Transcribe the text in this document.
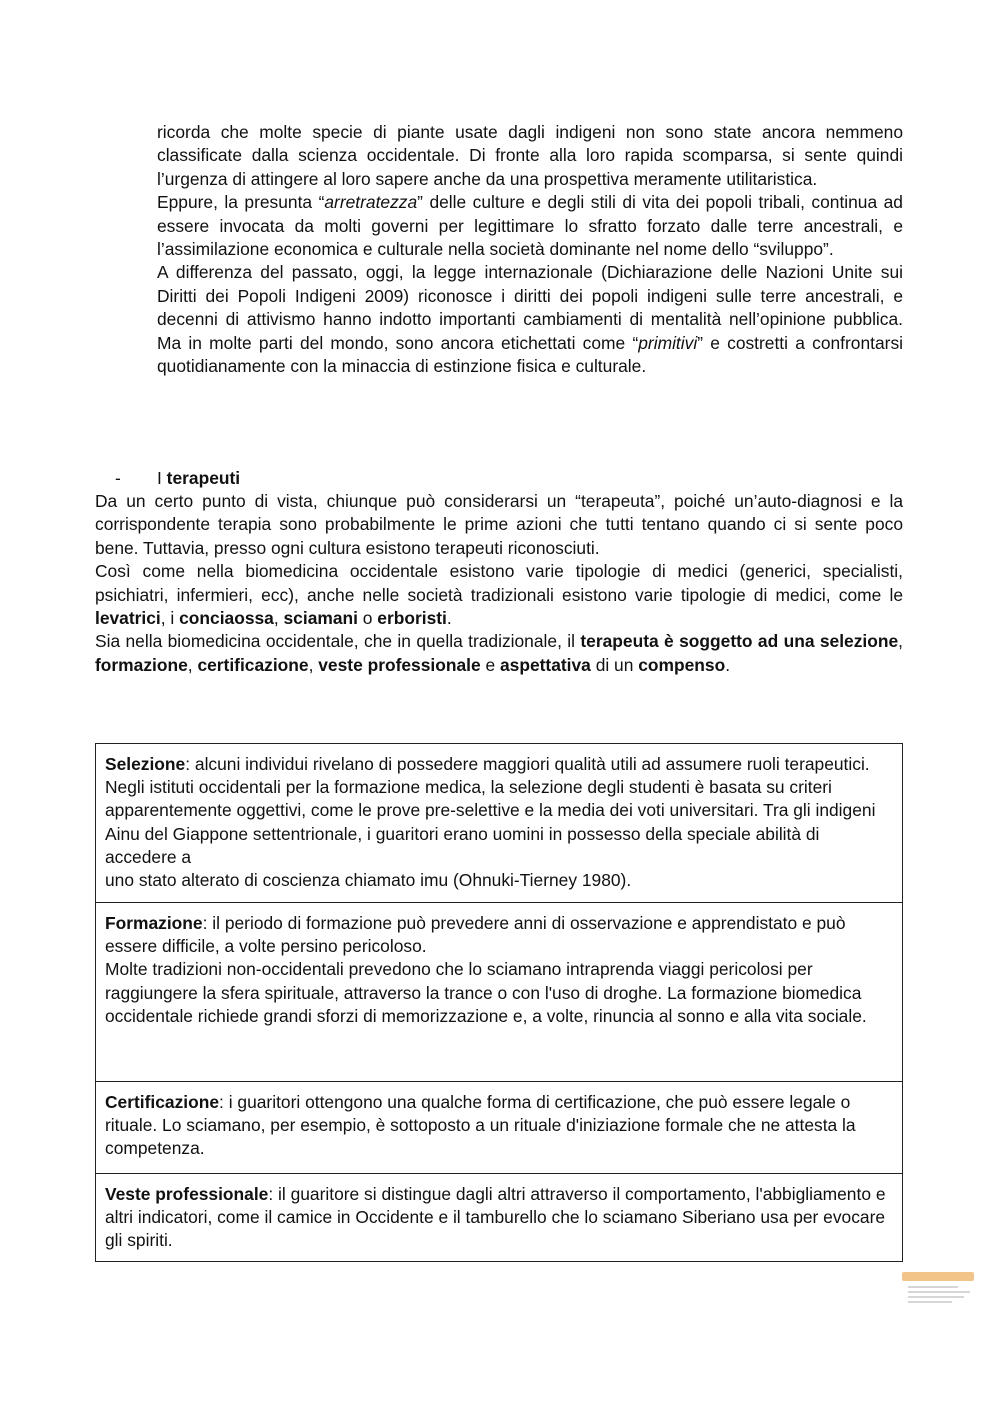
ricorda che molte specie di piante usate dagli indigeni non sono state ancora nemmeno classificate dalla scienza occidentale. Di fronte alla loro rapida scomparsa, si sente quindi l’urgenza di attingere al loro sapere anche da una prospettiva meramente utilitaristica.

Eppure, la presunta “arretratezza” delle culture e degli stili di vita dei popoli tribali, continua ad essere invocata da molti governi per legittimare lo sfratto forzato dalle terre ancestrali, e l’assimilazione economica e culturale nella società dominante nel nome dello “sviluppo”.

A differenza del passato, oggi, la legge internazionale (Dichiarazione delle Nazioni Unite sui Diritti dei Popoli Indigeni 2009) riconosce i diritti dei popoli indigeni sulle terre ancestrali, e decenni di attivismo hanno indotto importanti cambiamenti di mentalità nell’opinione pubblica. Ma in molte parti del mondo, sono ancora etichettati come “primitivi” e costretti a confrontarsi quotidianamente con la minaccia di estinzione fisica e culturale.

- I terapeuti

Da un certo punto di vista, chiunque può considerarsi un “terapeuta”, poiché un’auto-diagnosi e la corrispondente terapia sono probabilmente le prime azioni che tutti tentano quando ci si sente poco bene. Tuttavia, presso ogni cultura esistono terapeuti riconosciuti.

Così come nella biomedicina occidentale esistono varie tipologie di medici (generici, specialisti, psichiatri, infermieri, ecc), anche nelle società tradizionali esistono varie tipologie di medici, come le levatrici, i conciaossa, sciamani o erboristi.

Sia nella biomedicina occidentale, che in quella tradizionale, il terapeuta è soggetto ad una selezione, formazione, certificazione, veste professionale e aspettativa di un compenso.

Selezione: alcuni individui rivelano di possedere maggiori qualità utili ad assumere ruoli terapeutici. Negli istituti occidentali per la formazione medica, la selezione degli studenti è basata su criteri apparentemente oggettivi, come le prove pre-selettive e la media dei voti universitari. Tra gli indigeni Ainu del Giappone settentrionale, i guaritori erano uomini in possesso della speciale abilità di accedere a
uno stato alterato di coscienza chiamato imu (Ohnuki-Tierney 1980).
Formazione: il periodo di formazione può prevedere anni di osservazione e apprendistato e può essere difficile, a volte persino pericoloso.
Molte tradizioni non-occidentali prevedono che lo sciamano intraprenda viaggi pericolosi per raggiungere la sfera spirituale, attraverso la trance o con l'uso di droghe. La formazione biomedica occidentale richiede grandi sforzi di memorizzazione e, a volte, rinuncia al sonno e alla vita sociale.
Certificazione: i guaritori ottengono una qualche forma di certificazione, che può essere legale o rituale. Lo sciamano, per esempio, è sottoposto a un rituale d'iniziazione formale che ne attesta la competenza.
Veste professionale: il guaritore si distingue dagli altri attraverso il comportamento, l'abbigliamento e altri indicatori, come il camice in Occidente e il tamburello che lo sciamano Siberiano usa per evocare gli spiriti.
